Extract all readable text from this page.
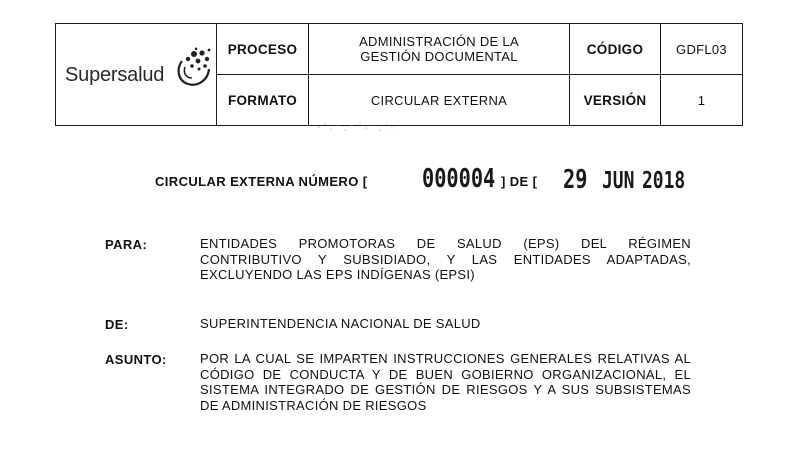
Supersalud	PROCESO	ADMINISTRACIÓN DE LA GESTIÓN DOCUMENTAL	CÓDIGO	GDFL03
	FORMATO	CIRCULAR EXTERNA	VERSIÓN	1
CIRCULAR EXTERNA NÚMERO [ 000004 ] DE [ 29 JUN 2018
PARA:	ENTIDADES PROMOTORAS DE SALUD (EPS) DEL RÉGIMEN CONTRIBUTIVO Y SUBSIDIADO, Y LAS ENTIDADES ADAPTADAS, EXCLUYENDO LAS EPS INDÍGENAS (EPSI)
DE:	SUPERINTENDENCIA NACIONAL DE SALUD
ASUNTO:	POR LA CUAL SE IMPARTEN INSTRUCCIONES GENERALES RELATIVAS AL CÓDIGO DE CONDUCTA Y DE BUEN GOBIERNO ORGANIZACIONAL, EL SISTEMA INTEGRADO DE GESTIÓN DE RIESGOS Y A SUS SUBSISTEMAS DE ADMINISTRACIÓN DE RIESGOS
